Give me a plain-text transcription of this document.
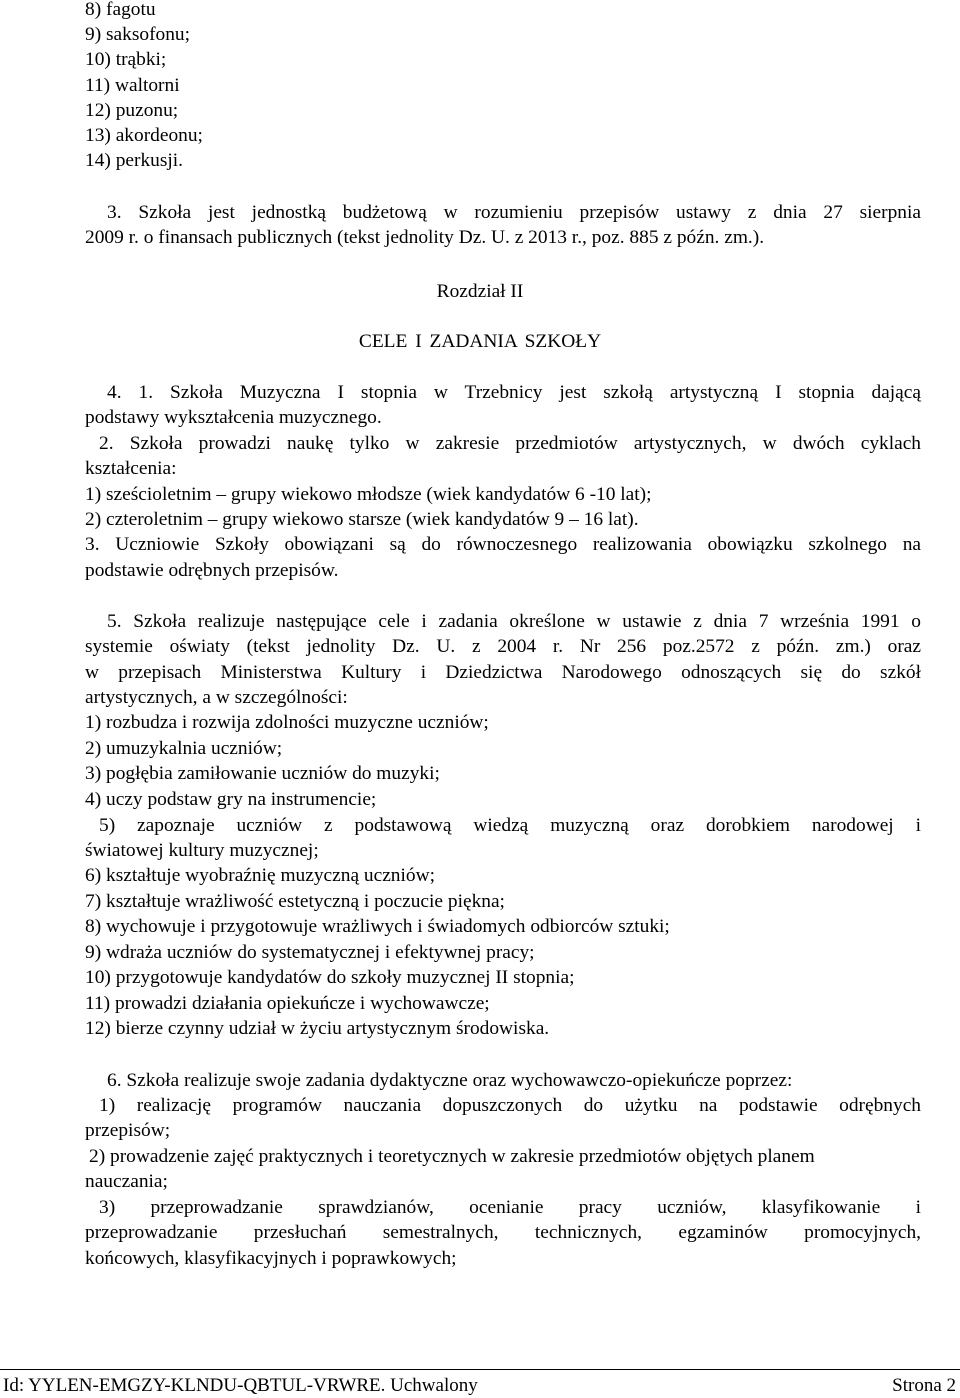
8) fagotu
9) saksofonu;
10) trąbki;
11) waltorni
12) puzonu;
13) akordeonu;
14) perkusji.
3. Szkoła jest jednostką budżetową w rozumieniu przepisów ustawy z dnia 27 sierpnia
2009 r. o finansach publicznych (tekst jednolity Dz. U. z 2013 r., poz. 885 z późn. zm.).
Rozdział II
CELE I ZADANIA SZKOŁY
4. 1. Szkoła Muzyczna I stopnia w Trzebnicy jest szkołą artystyczną I stopnia dającą
podstawy wykształcenia muzycznego.
2. Szkoła prowadzi naukę tylko w zakresie przedmiotów artystycznych, w dwóch cyklach
kształcenia:
1) sześcioletnim – grupy wiekowo młodsze (wiek kandydatów 6 -10 lat);
2) czteroletnim – grupy wiekowo starsze (wiek kandydatów 9 – 16 lat).
3. Uczniowie Szkoły obowiązani są do równoczesnego realizowania obowiązku szkolnego na
podstawie odrębnych przepisów.
5. Szkoła realizuje następujące cele i zadania określone w ustawie z dnia 7 września 1991 o
systemie oświaty (tekst jednolity Dz. U. z 2004 r. Nr 256 poz.2572 z późn. zm.) oraz
w przepisach Ministerstwa Kultury i Dziedzictwa Narodowego odnoszących się do szkół
artystycznych, a w szczególności:
1) rozbudza i rozwija zdolności muzyczne uczniów;
2) umuzykalnia uczniów;
3) pogłębia zamiłowanie uczniów do muzyki;
4) uczy podstaw gry na instrumencie;
5) zapoznaje uczniów z podstawową wiedzą muzyczną oraz dorobkiem narodowej i
światowej kultury muzycznej;
6) kształtuje wyobraźnię muzyczną uczniów;
7) kształtuje wrażliwość estetyczną i poczucie piękna;
8) wychowuje i przygotowuje wrażliwych i świadomych odbiorców sztuki;
9) wdraża uczniów do systematycznej i efektywnej pracy;
10) przygotowuje kandydatów do szkoły muzycznej II stopnia;
11) prowadzi działania opiekuńcze i wychowawcze;
12) bierze czynny udział w życiu artystycznym środowiska.
6. Szkoła realizuje swoje zadania dydaktyczne oraz wychowawczo-opiekuńcze poprzez:
1) realizację programów nauczania dopuszczonych do użytku na podstawie odrębnych
przepisów;
2) prowadzenie zajęć praktycznych i teoretycznych w zakresie przedmiotów objętych planem
nauczania;
3) przeprowadzanie sprawdzianów, ocenianie pracy uczniów, klasyfikowanie i
przeprowadzanie przesłuchań semestralnych, technicznych, egzaminów promocyjnych,
końcowych, klasyfikacyjnych i poprawkowych;
Id: YYLEN-EMGZY-KLNDU-QBTUL-VRWRE. Uchwalony	Strona 2
